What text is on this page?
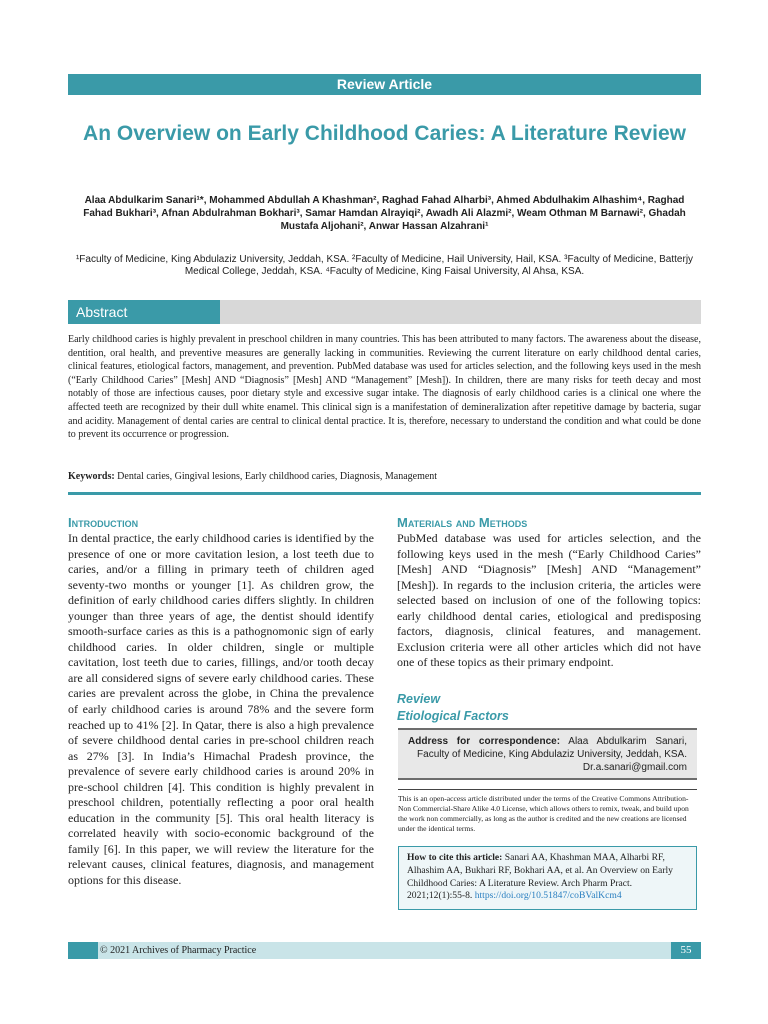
Review Article
An Overview on Early Childhood Caries: A Literature Review

Alaa Abdulkarim Sanari¹*, Mohammed Abdullah A Khashman², Raghad Fahad Alharbi³, Ahmed Abdulhakim Alhashim⁴, Raghad Fahad Bukhari³, Afnan Abdulrahman Bokhari³, Samar Hamdan Alrayiqi², Awadh Ali Alazmi², Weam Othman M Barnawi², Ghadah Mustafa Aljohani², Anwar Hassan Alzahrani¹

¹Faculty of Medicine, King Abdulaziz University, Jeddah, KSA. ²Faculty of Medicine, Hail University, Hail, KSA. ³Faculty of Medicine, Batterjy Medical College, Jeddah, KSA. ⁴Faculty of Medicine, King Faisal University, Al Ahsa, KSA.

Abstract

Early childhood caries is highly prevalent in preschool children in many countries. This has been attributed to many factors. The awareness about the disease, dentition, oral health, and preventive measures are generally lacking in communities. Reviewing the current literature on early childhood dental caries, clinical features, etiological factors, management, and prevention. PubMed database was used for articles selection, and the following keys used in the mesh (“Early Childhood Caries” [Mesh] AND “Diagnosis” [Mesh] AND “Management” [Mesh]). In children, there are many risks for teeth decay and most notably of those are infectious causes, poor dietary style and excessive sugar intake. The diagnosis of early childhood caries is a clinical one where the affected teeth are recognized by their dull white enamel. This clinical sign is a manifestation of demineralization after repetitive damage by bacteria, sugar and acidity. Management of dental caries are central to clinical dental practice. It is, therefore, necessary to understand the condition and what could be done to prevent its occurrence or progression.

Keywords: Dental caries, Gingival lesions, Early childhood caries, Diagnosis, Management

Introduction

In dental practice, the early childhood caries is identified by the presence of one or more cavitation lesion, a lost teeth due to caries, and/or a filling in primary teeth of children aged seventy-two months or younger [1]. As children grow, the definition of early childhood caries differs slightly. In children younger than three years of age, the dentist should identify smooth-surface caries as this is a pathognomonic sign of early childhood caries. In older children, single or multiple cavitation, lost teeth due to caries, fillings, and/or tooth decay are all considered signs of severe early childhood caries. These caries are prevalent across the globe, in China the prevalence of early childhood caries is around 78% and the severe form reached up to 41% [2]. In Qatar, there is also a high prevalence of severe childhood dental caries in pre-school children reach as 27% [3]. In India’s Himachal Pradesh province, the prevalence of severe early childhood caries is around 20% in pre-school children [4]. This condition is highly prevalent in preschool children, potentially reflecting a poor oral health education in the community [5]. This oral health literacy is correlated heavily with socio-economic background of the family [6]. In this paper, we will review the literature for the relevant causes, clinical features, diagnosis, and management options for this disease.

Materials and Methods

PubMed database was used for articles selection, and the following keys used in the mesh (“Early Childhood Caries” [Mesh] AND “Diagnosis” [Mesh] AND “Management” [Mesh]). In regards to the inclusion criteria, the articles were selected based on inclusion of one of the following topics: early childhood dental caries, etiological and predisposing factors, diagnosis, clinical features, and management. Exclusion criteria were all other articles which did not have one of these topics as their primary endpoint.

Review
Etiological Factors
Address for correspondence: Alaa Abdulkarim Sanari,
Faculty of Medicine, King Abdulaziz University, Jeddah, KSA.
Dr.a.sanari@gmail.com

This is an open-access article distributed under the terms of the Creative Commons Attribution-Non Commercial-Share Alike 4.0 License, which allows others to remix, tweak, and build upon the work non commercially, as long as the author is credited and the new creations are licensed under the identical terms.

How to cite this article: Sanari AA, Khashman MAA, Alharbi RF, Alhashim AA, Bukhari RF, Bokhari AA, et al. An Overview on Early Childhood Caries: A Literature Review. Arch Pharm Pract. 2021;12(1):55-8. https://doi.org/10.51847/coBValKcm4
© 2021 Archives of Pharmacy Practice	55
